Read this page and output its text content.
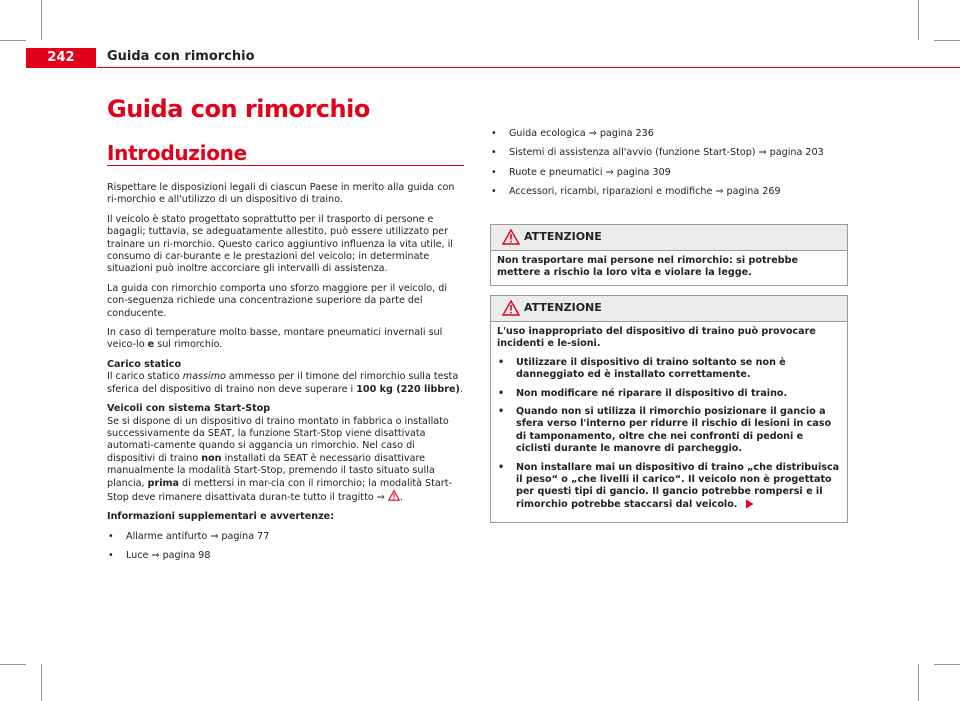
242	Guida con rimorchio
Guida con rimorchio
Introduzione

Rispettare le disposizioni legali di ciascun Paese in merito alla guida con ri-morchio e all'utilizzo di un dispositivo di traino.

Il veicolo è stato progettato soprattutto per il trasporto di persone e bagagli; tuttavia, se adeguatamente allestito, può essere utilizzato per trainare un ri-morchio. Questo carico aggiuntivo influenza la vita utile, il consumo di car-burante e le prestazioni del veicolo; in determinate situazioni può inoltre accorciare gli intervalli di assistenza.

La guida con rimorchio comporta uno sforzo maggiore per il veicolo, di con-seguenza richiede una concentrazione superiore da parte del conducente.

In caso di temperature molto basse, montare pneumatici invernali sul veico-lo e sul rimorchio.

Carico statico

Il carico statico massimo ammesso per il timone del rimorchio sulla testa sferica del dispositivo di traino non deve superare i 100 kg (220 libbre).

Veicoli con sistema Start-Stop

Se si dispone di un dispositivo di traino montato in fabbrica o installato successivamente da SEAT, la funzione Start-Stop viene disattivata automati-camente quando si aggancia un rimorchio. Nel caso di dispositivi di traino non installati da SEAT è necessario disattivare manualmente la modalità Start-Stop, premendo il tasto situato sulla plancia, prima di mettersi in mar-cia con il rimorchio; la modalità Start-Stop deve rimanere disattivata duran-te tutto il tragitto ⇒ .

Informazioni supplementari e avvertenze:

• Allarme antifurto ⇒ pagina 77
• Luce ⇒ pagina 98
• Guida ecologica ⇒ pagina 236
• Sistemi di assistenza all'avvio (funzione Start-Stop) ⇒ pagina 203
• Ruote e pneumatici ⇒ pagina 309
• Accessori, ricambi, riparazioni e modifiche ⇒ pagina 269
ATTENZIONE

Non trasportare mai persone nel rimorchio: si potrebbe mettere a rischio la loro vita e violare la legge.

ATTENZIONE

L'uso inappropriato del dispositivo di traino può provocare incidenti e le-sioni.

• Utilizzare il dispositivo di traino soltanto se non è danneggiato ed è installato correttamente.
• Non modificare né riparare il dispositivo di traino.
• Quando non si utilizza il rimorchio posizionare il gancio a sfera verso l'interno per ridurre il rischio di lesioni in caso di tamponamento, oltre che nei confronti di pedoni e ciclisti durante le manovre di parcheggio.
• Non installare mai un dispositivo di traino „che distribuisca il peso“ o „che livelli il carico“. Il veicolo non è progettato per questi tipi di gancio. Il gancio potrebbe rompersi e il rimorchio potrebbe staccarsi dal veicolo.
